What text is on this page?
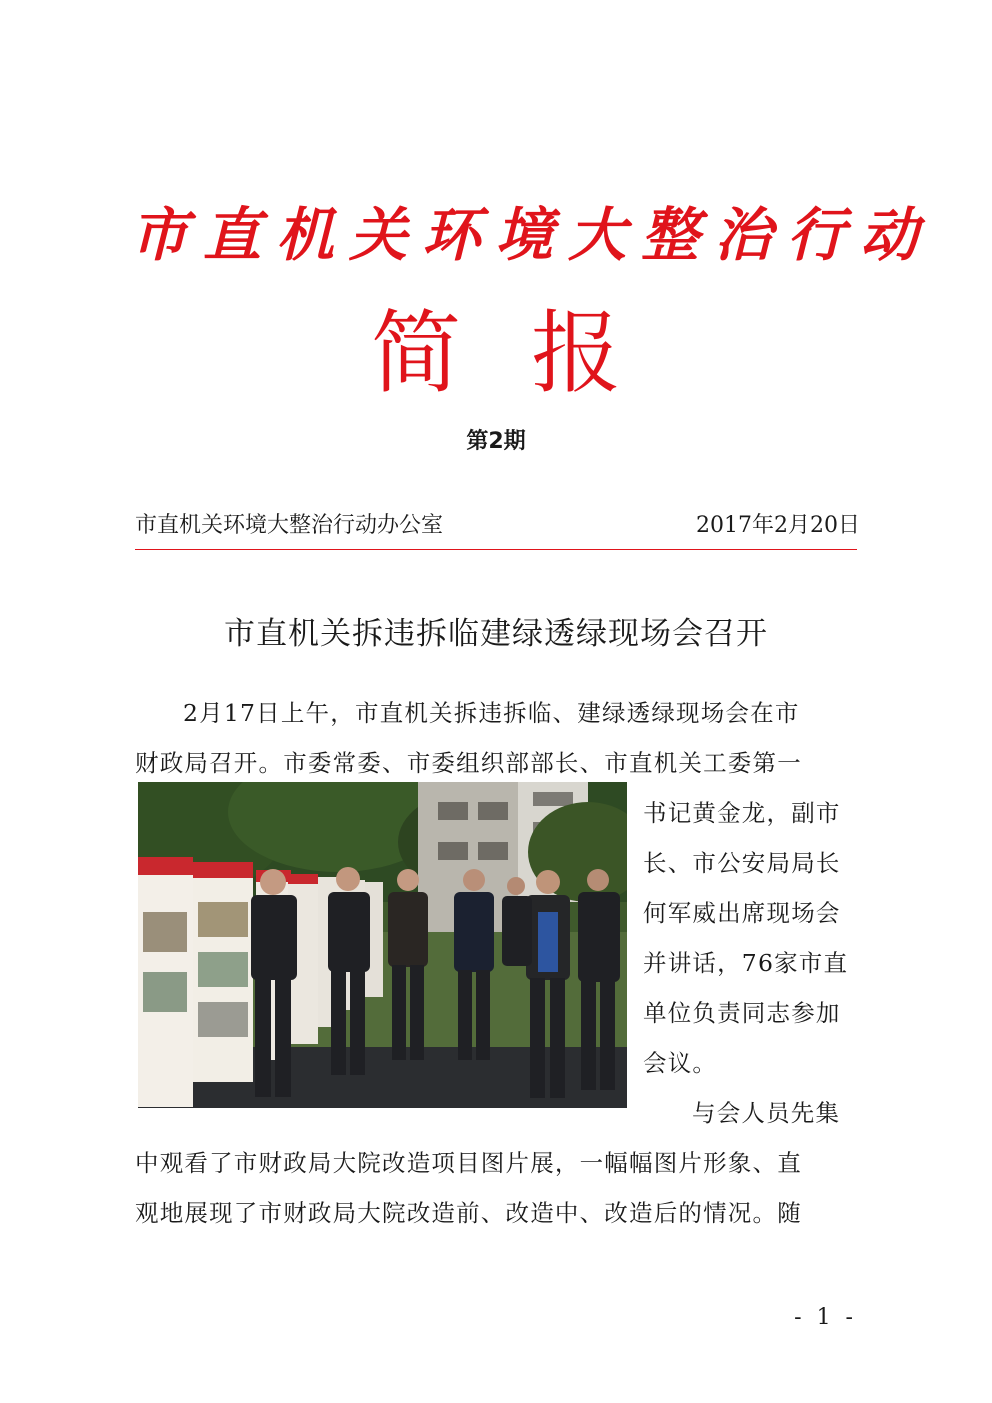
市直机关环境大整治行动
简报
第2期
市直机关环境大整治行动办公室	2017年2月20日
市直机关拆违拆临建绿透绿现场会召开
2月17日上午，市直机关拆违拆临、建绿透绿现场会在市
财政局召开。市委常委、市委组织部部长、市直机关工委第一
书记黄金龙，副市
长、市公安局局长
何军威出席现场会
并讲话，76家市直
单位负责同志参加
会议。
与会人员先集
中观看了市财政局大院改造项目图片展，一幅幅图片形象、直
观地展现了市财政局大院改造前、改造中、改造后的情况。随
- 1 -
